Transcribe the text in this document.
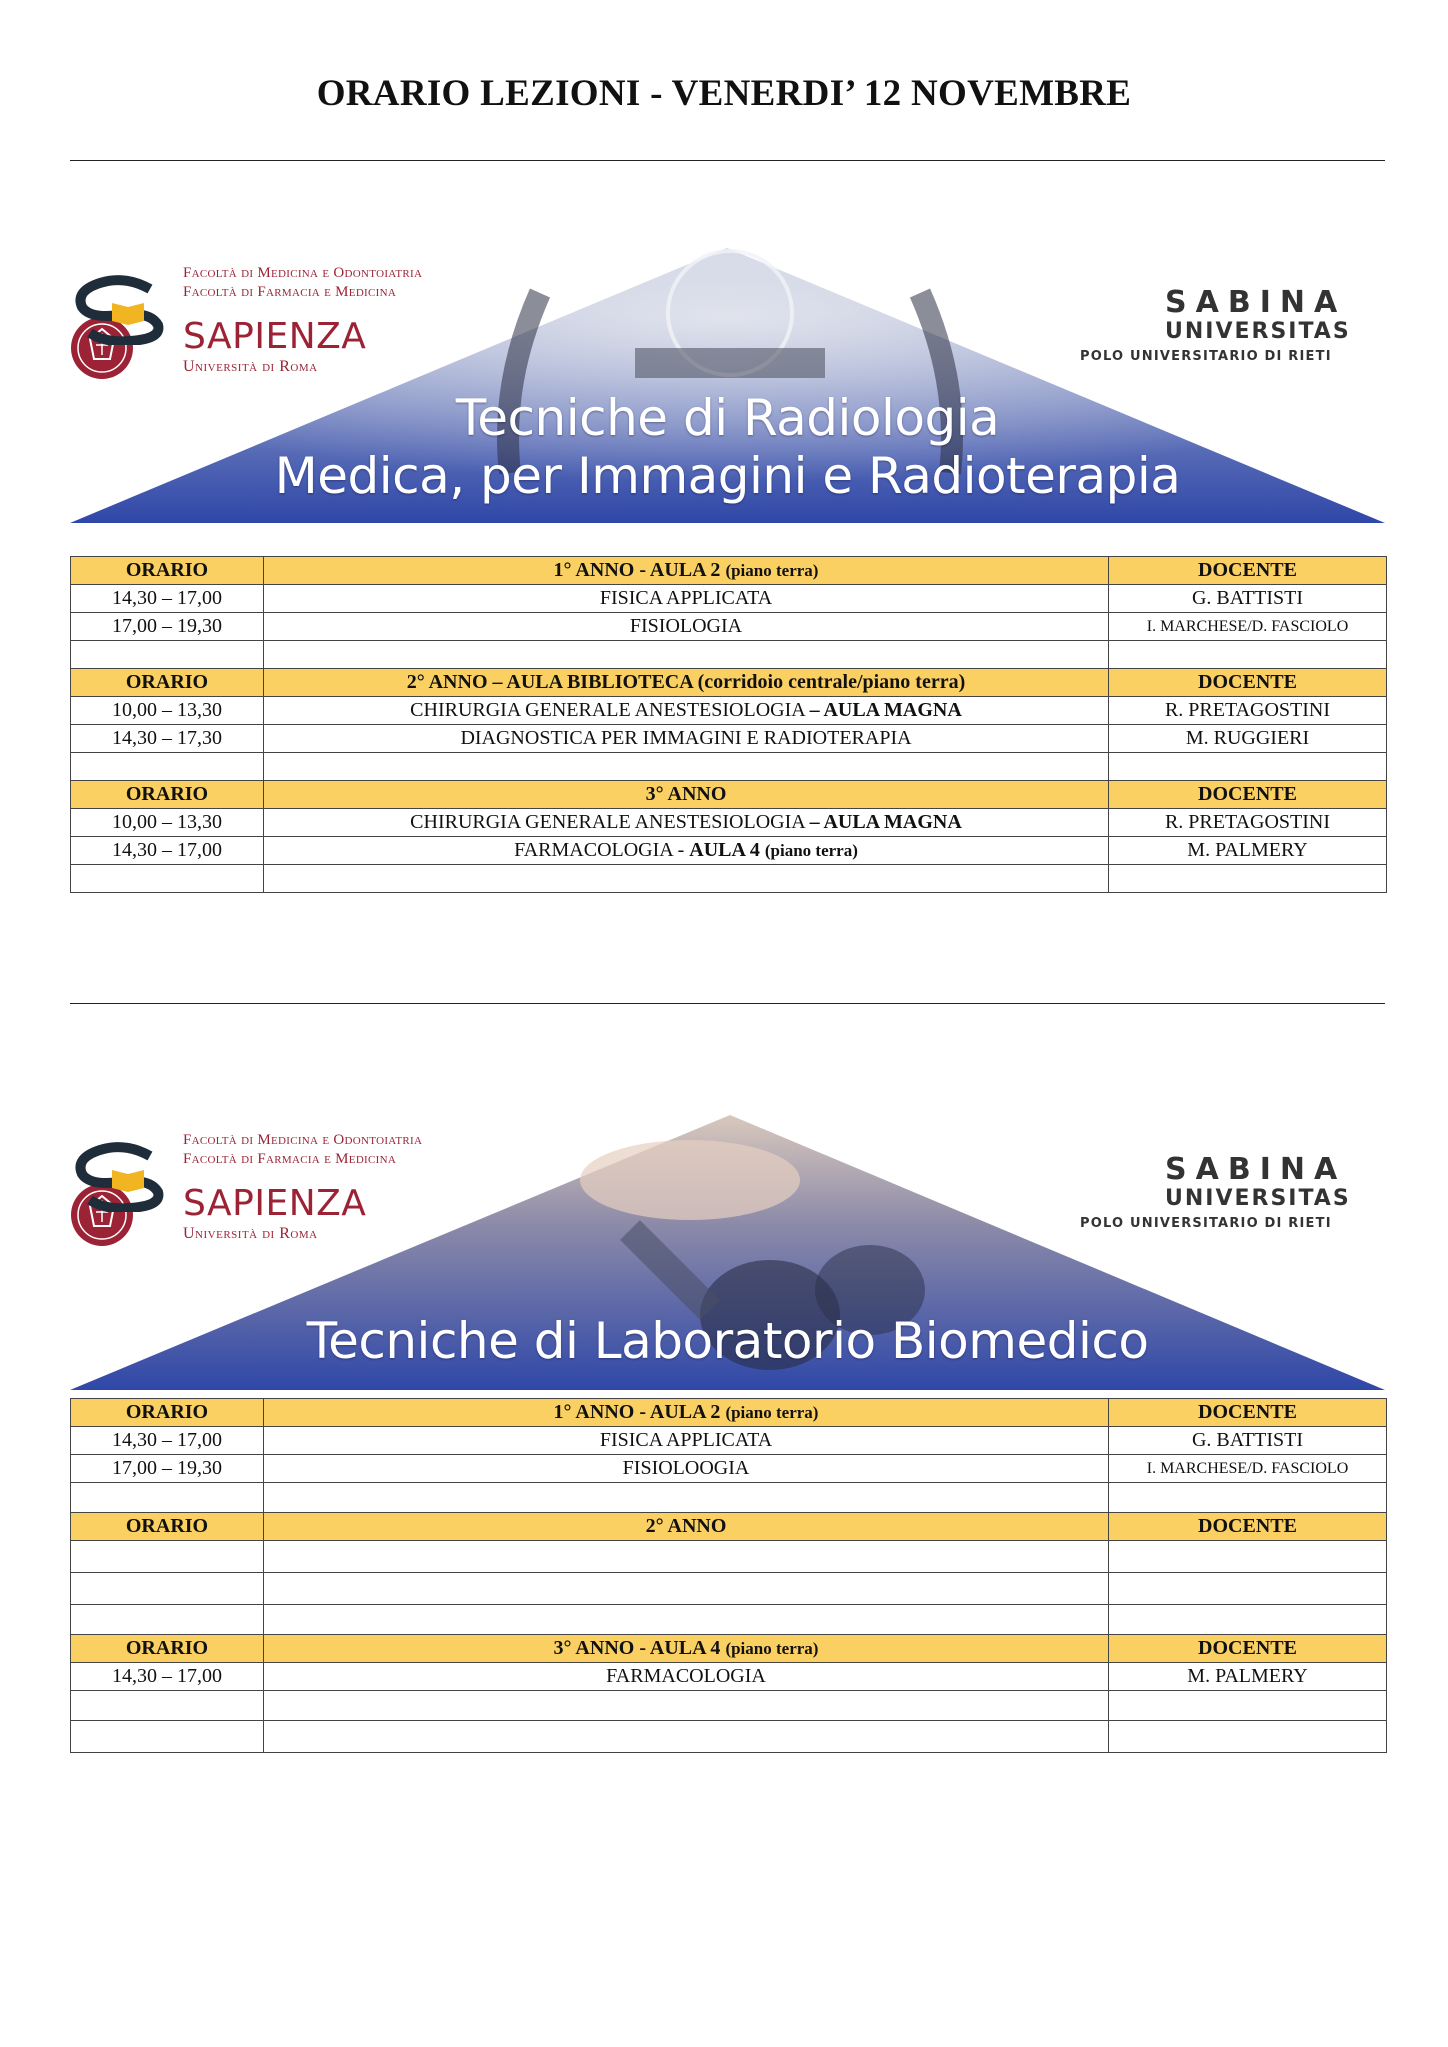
ORARIO LEZIONI - VENERDI’ 12 NOVEMBRE
Facoltà di Medicina e Odontoiatria
Facoltà di Farmacia e Medicina
SAPIENZA
Università di Roma
SABINA
UNIVERSITAS
POLO UNIVERSITARIO DI RIETI
Tecniche di Radiologia
Medica, per Immagini e Radioterapia
ORARIO	1° ANNO - AULA 2 (piano terra)	DOCENTE
14,30 – 17,00	FISICA APPLICATA	G. BATTISTI
17,00 – 19,30	FISIOLOGIA	I. MARCHESE/D. FASCIOLO

ORARIO	2° ANNO – AULA BIBLIOTECA (corridoio centrale/piano terra)	DOCENTE
10,00 – 13,30	CHIRURGIA GENERALE ANESTESIOLOGIA – AULA MAGNA	R. PRETAGOSTINI
14,30 – 17,30	DIAGNOSTICA PER IMMAGINI E RADIOTERAPIA	M. RUGGIERI

ORARIO	3° ANNO	DOCENTE
10,00 – 13,30	CHIRURGIA GENERALE ANESTESIOLOGIA – AULA MAGNA	R. PRETAGOSTINI
14,30 – 17,00	FARMACOLOGIA - AULA 4 (piano terra)	M. PALMERY

Facoltà di Medicina e Odontoiatria
Facoltà di Farmacia e Medicina
SAPIENZA
Università di Roma
SABINA
UNIVERSITAS
POLO UNIVERSITARIO DI RIETI
Tecniche di Laboratorio Biomedico
ORARIO	1° ANNO - AULA 2 (piano terra)	DOCENTE
14,30 – 17,00	FISICA APPLICATA	G. BATTISTI
17,00 – 19,30	FISIOLOOGIA	I. MARCHESE/D. FASCIOLO

ORARIO	2° ANNO	DOCENTE

ORARIO	3° ANNO - AULA 4 (piano terra)	DOCENTE
14,30 – 17,00	FARMACOLOGIA	M. PALMERY
